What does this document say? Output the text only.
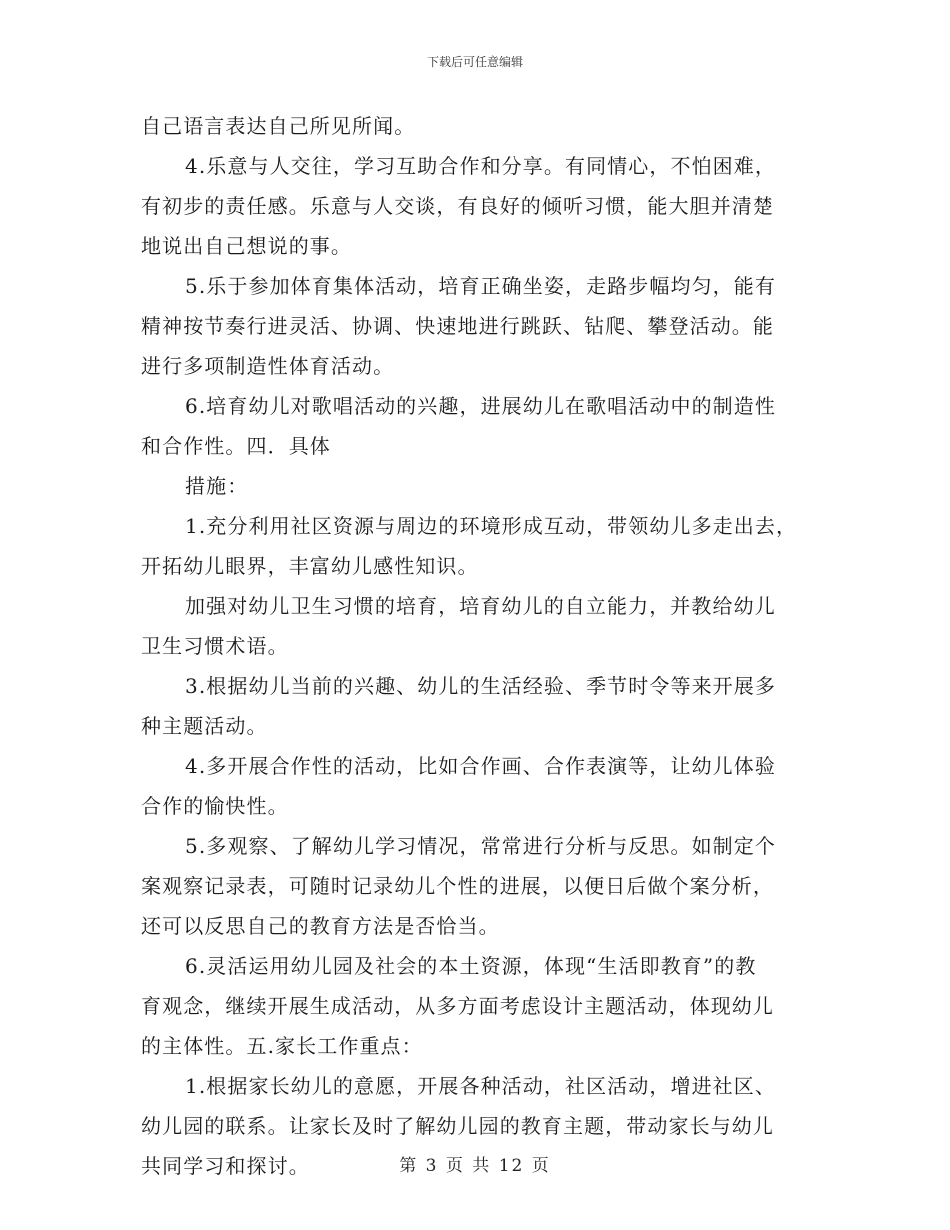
下载后可任意编辑
自己语言表达自己所见所闻。
4.乐意与人交往，学习互助合作和分享。有同情心，不怕困难，
有初步的责任感。乐意与人交谈，有良好的倾听习惯，能大胆并清楚
地说出自己想说的事。
5.乐于参加体育集体活动，培育正确坐姿，走路步幅均匀，能有
精神按节奏行进灵活、协调、快速地进行跳跃、钻爬、攀登活动。能
进行多项制造性体育活动。
6.培育幼儿对歌唱活动的兴趣，进展幼儿在歌唱活动中的制造性
和合作性。四．具体
措施：
1.充分利用社区资源与周边的环境形成互动，带领幼儿多走出去，
开拓幼儿眼界，丰富幼儿感性知识。
加强对幼儿卫生习惯的培育，培育幼儿的自立能力，并教给幼儿
卫生习惯术语。
3.根据幼儿当前的兴趣、幼儿的生活经验、季节时令等来开展多
种主题活动。
4.多开展合作性的活动，比如合作画、合作表演等，让幼儿体验
合作的愉快性。
5.多观察、了解幼儿学习情况，常常进行分析与反思。如制定个
案观察记录表，可随时记录幼儿个性的进展，以便日后做个案分析，
还可以反思自己的教育方法是否恰当。
6.灵活运用幼儿园及社会的本土资源，体现“生活即教育”的教
育观念，继续开展生成活动，从多方面考虑设计主题活动，体现幼儿
的主体性。五.家长工作重点：
1.根据家长幼儿的意愿，开展各种活动，社区活动，增进社区、
幼儿园的联系。让家长及时了解幼儿园的教育主题，带动家长与幼儿
共同学习和探讨。	第 3 页 共 12 页
